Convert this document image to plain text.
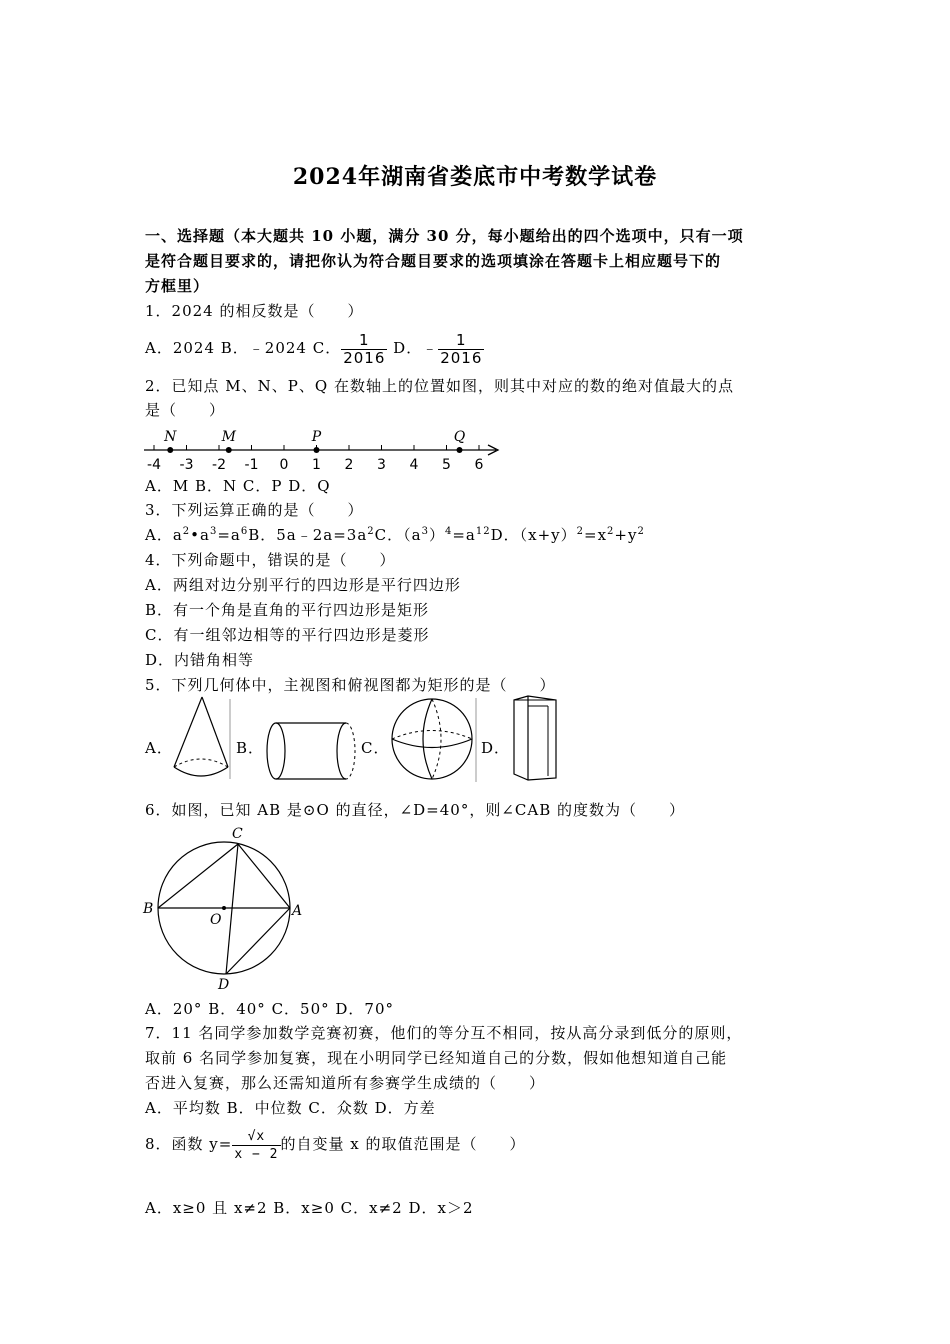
2024年湖南省娄底市中考数学试卷
一、选择题（本大题共 10 小题，满分 30 分，每小题给出的四个选项中，只有一项
是符合题目要求的，请把你认为符合题目要求的选项填涂在答题卡上相应题号下的
方框里）
1．2024 的相反数是（　　）
A．2024 B．﹣2024 C． $\frac{1}{2016}$ D．﹣ $\frac{1}{2016}$
2．已知点 M、N、P、Q 在数轴上的位置如图，则其中对应的数的绝对值最大的点
是（　　）
-4 -3 -2 -1 0 1 2 3 4 5 6
N	M	P	Q
A．M B．N C．P D．Q
3．下列运算正确的是（　　）
A．$a^2•a^3=a^6B$．$5a﹣2a=3a^2C$．$(a^3)^4=a^{12}D$．$(x+y)^2=x^2+y^2$
4．下列命题中，错误的是（　　）
A．两组对边分别平行的四边形是平行四边形
B．有一个角是直角的平行四边形是矩形
C．有一组邻边相等的平行四边形是菱形
D．内错角相等
5．下列几何体中，主视图和俯视图都为矩形的是（　　）
A．	B．	C．	D．
6．如图，已知 AB 是⊙O 的直径，∠D=40°，则∠CAB 的度数为（　　）
C
B
O
A
D
A．20° B．40° C．50° D．70°
7．11 名同学参加数学竞赛初赛，他们的等分互不相同，按从高分录到低分的原则，
取前 6 名同学参加复赛，现在小明同学已经知道自己的分数，假如他想知道自己能
否进入复赛，那么还需知道所有参赛学生成绩的（　　）
A．平均数 B．中位数 C．众数 D．方差
8．函数 $y= \frac{√x}{x - 2}$ 的自变量 x 的取值范围是（　　）
A．x≥0 且 x≠2 B．x≥0 C．x≠2 D．x＞2
